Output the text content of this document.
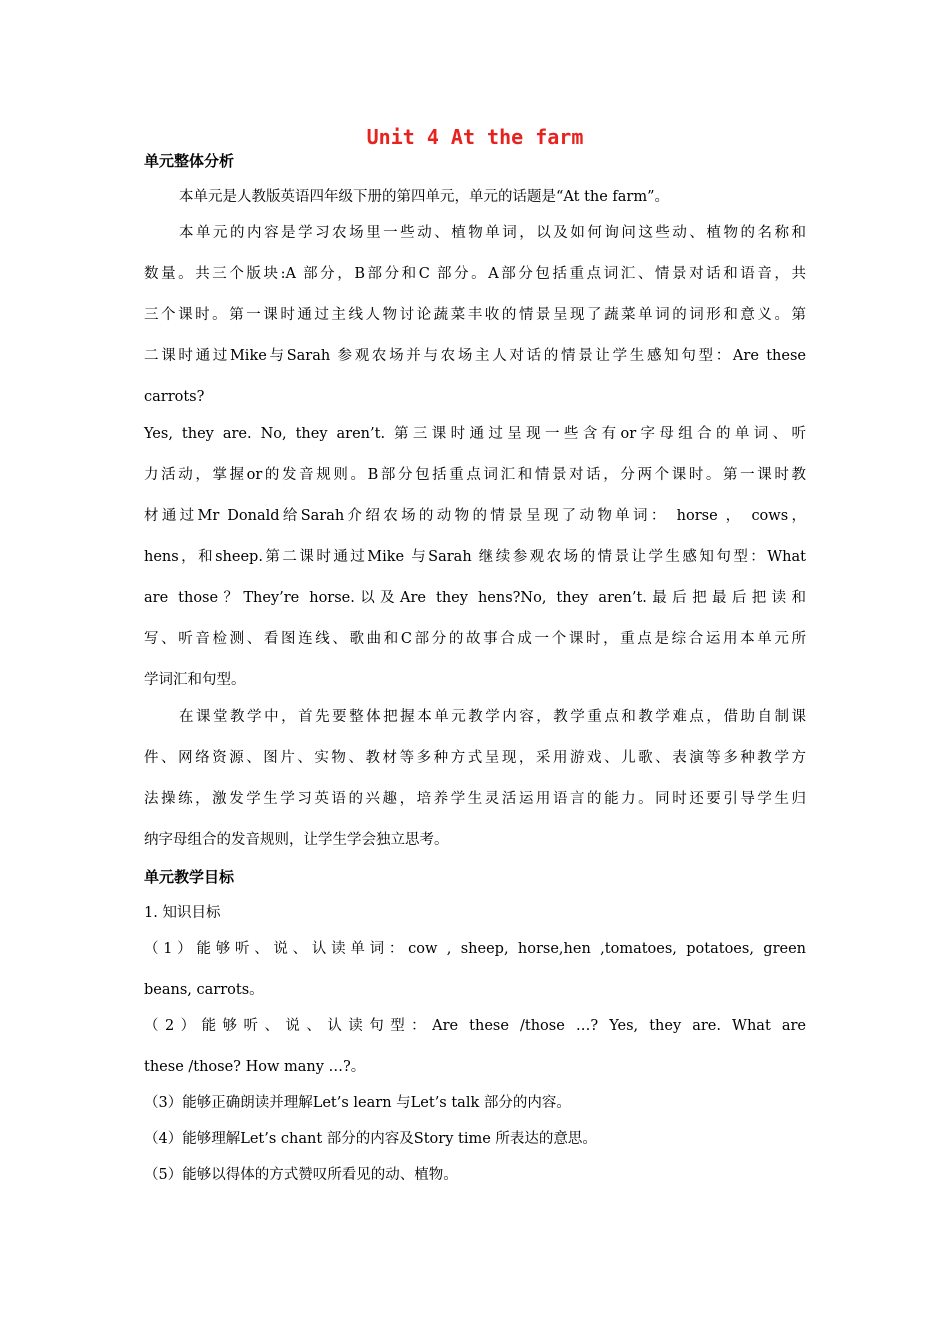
Unit 4 At the farm
单元整体分析
本单元是人教版英语四年级下册的第四单元，单元的话题是“At the farm”。
本单元的内容是学习农场里一些动、植物单词，以及如何询问这些动、植物的名称和
数量。共三个版块:A 部分，B部分和C 部分。A部分包括重点词汇、情景对话和语音，共
三个课时。第一课时通过主线人物讨论蔬菜丰收的情景呈现了蔬菜单词的词形和意义。第
二课时通过Mike与Sarah 参观农场并与农场主人对话的情景让学生感知句型：Are these
carrots?
Yes, they are. No, they aren’t. 第三课时通过呈现一些含有or字母组合的单词、听
力活动，掌握or的发音规则。B部分包括重点词汇和情景对话，分两个课时。第一课时教
材通过Mr Donald给Sarah介绍农场的动物的情景呈现了动物单词： horse ， cows，
hens，和sheep.第二课时通过Mike 与Sarah 继续参观农场的情景让学生感知句型：What
are those？They’re horse.以及Are they hens?No, they aren’t.最后把最后把读和
写、听音检测、看图连线、歌曲和C部分的故事合成一个课时，重点是综合运用本单元所
学词汇和句型。
在课堂教学中，首先要整体把握本单元教学内容，教学重点和教学难点，借助自制课
件、网络资源、图片、实物、教材等多种方式呈现，采用游戏、儿歌、表演等多种教学方
法操练，激发学生学习英语的兴趣，培养学生灵活运用语言的能力。同时还要引导学生归
纳字母组合的发音规则，让学生学会独立思考。
单元教学目标
1. 知识目标
（1）能够听、说、认读单词：cow , sheep, horse,hen ,tomatoes, potatoes, green
beans, carrots。
（2）能够听、说、认读句型：Are these /those …? Yes, they are. What are
these /those? How many …?。
（3）能够正确朗读并理解Let’s learn 与Let’s talk 部分的内容。
（4）能够理解Let’s chant 部分的内容及Story time 所表达的意思。
（5）能够以得体的方式赞叹所看见的动、植物。
